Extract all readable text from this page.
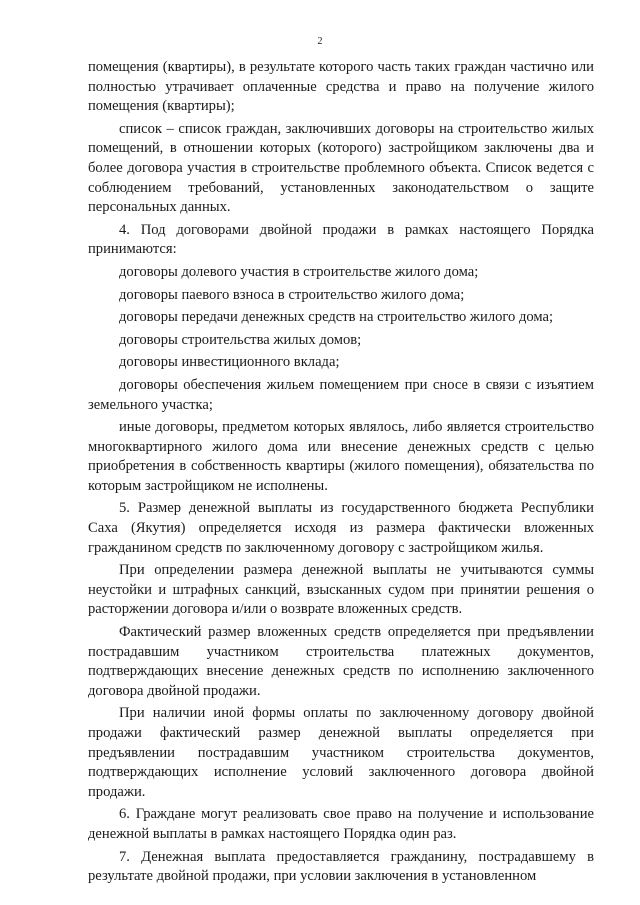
2

помещения (квартиры), в результате которого часть таких граждан частично или полностью утрачивает оплаченные средства и право на получение жилого помещения (квартиры);

список – список граждан, заключивших договоры на строительство жилых помещений, в отношении которых (которого) застройщиком заключены два и более договора участия в строительстве проблемного объекта. Список ведется с соблюдением требований, установленных законодательством о защите персональных данных.

4. Под договорами двойной продажи в рамках настоящего Порядка принимаются:

договоры долевого участия в строительстве жилого дома;

договоры паевого взноса в строительство жилого дома;

договоры передачи денежных средств на строительство жилого дома;

договоры строительства жилых домов;

договоры инвестиционного вклада;

договоры обеспечения жильем помещением при сносе в связи с изъятием земельного участка;

иные договоры, предметом которых являлось, либо является строительство многоквартирного жилого дома или внесение денежных средств с целью приобретения в собственность квартиры (жилого помещения), обязательства по которым застройщиком не исполнены.

5. Размер денежной выплаты из государственного бюджета Республики Саха (Якутия) определяется исходя из размера фактически вложенных гражданином средств по заключенному договору с застройщиком жилья.

При определении размера денежной выплаты не учитываются суммы неустойки и штрафных санкций, взысканных судом при принятии решения о расторжении договора и/или о возврате вложенных средств.

Фактический размер вложенных средств определяется при предъявлении пострадавшим участником строительства платежных документов, подтверждающих внесение денежных средств по исполнению заключенного договора двойной продажи.

При наличии иной формы оплаты по заключенному договору двойной продажи фактический размер денежной выплаты определяется при предъявлении пострадавшим участником строительства документов, подтверждающих исполнение условий заключенного договора двойной продажи.

6. Граждане могут реализовать свое право на получение и использование денежной выплаты в рамках настоящего Порядка один раз.

7. Денежная выплата предоставляется гражданину, пострадавшему в результате двойной продажи, при условии заключения в установленном
